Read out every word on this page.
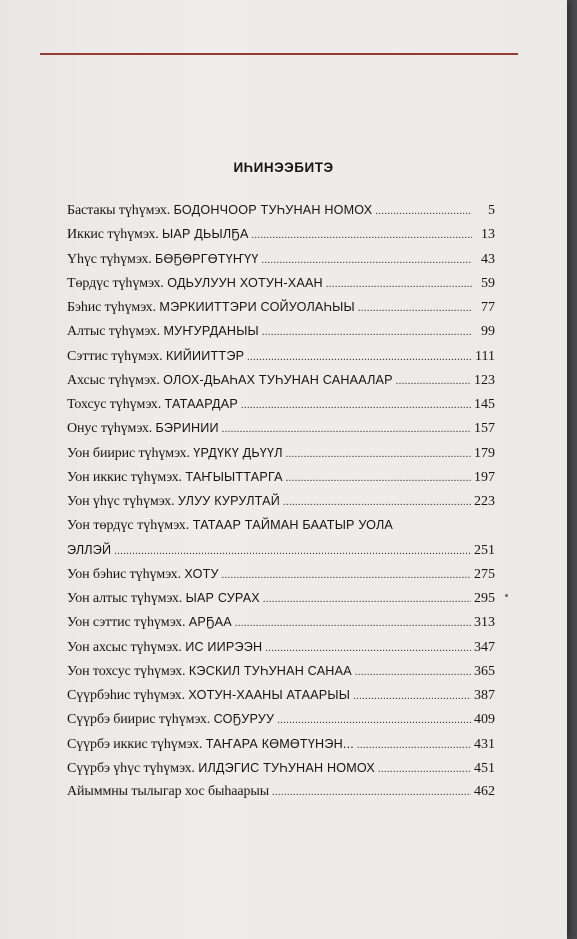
ИҺИНЭЭБИТЭ
Бастакы түһүмэх. БОДОНЧООР ТУҺУНАН НОМОХ .....	5
Иккис түһүмэх. ЫАР ДЬЫЛҔА .....	13
Үһүс түһүмэх. БӨҔӨРГӨТҮҤҮҮ .....	43
Төрдүс түһүмэх. ОДЬУЛУУН ХОТУН-ХААН .....	59
Бэһис түһүмэх. МЭРКИИТТЭРИ СОЙУОЛАҺЫЫ .....	77
Алтыс түһүмэх. МУҤУРДАНЫЫ .....	99
Сэттис түһүмэх. КИЙИИТТЭР .....	111
Ахсыс түһүмэх. ОЛОХ-ДЬАҺАХ ТУҺУНАН САНААЛАР .....	123
Тохсус түһүмэх. ТАТААРДАР .....	145
Онус түһүмэх. БЭРИНИИ .....	157
Уон биирис түһүмэх. ҮРДҮКҮ ДЬҮҮЛ .....	179
Уон иккис түһүмэх. ТАҤЫЫТТАРГА .....	197
Уон үһүс түһүмэх. УЛУУ КУРУЛТАЙ .....	223
Уон төрдүс түһүмэх. ТАТААР ТАЙМАН БААТЫР УОЛА
ЭЛЛЭЙ .....	251
Уон бэһис түһүмэх. ХОТУ .....	275
Уон алтыс түһүмэх. ЫАР СУРАХ .....	295
Уон сэттис түһүмэх. АРҔАА .....	313
Уон ахсыс түһүмэх. ИС ИИРЭЭН .....	347
Уон тохсус түһүмэх. КЭСКИЛ ТУҺУНАН САНАА .....	365
Сүүрбэһис түһүмэх. ХОТУН-ХААНЫ АТААРЫЫ .....	387
Сүүрбэ биирис түһүмэх. СОҔУРУУ .....	409
Сүүрбэ иккис түһүмэх. ТАҤАРА КӨМӨТҮНЭН... .....	431
Сүүрбэ үһүс түһүмэх. ИЛДЭГИС ТУҺУНАН НОМОХ .....	451
Айыммны тылыгар хос быһаарыы .....	462
